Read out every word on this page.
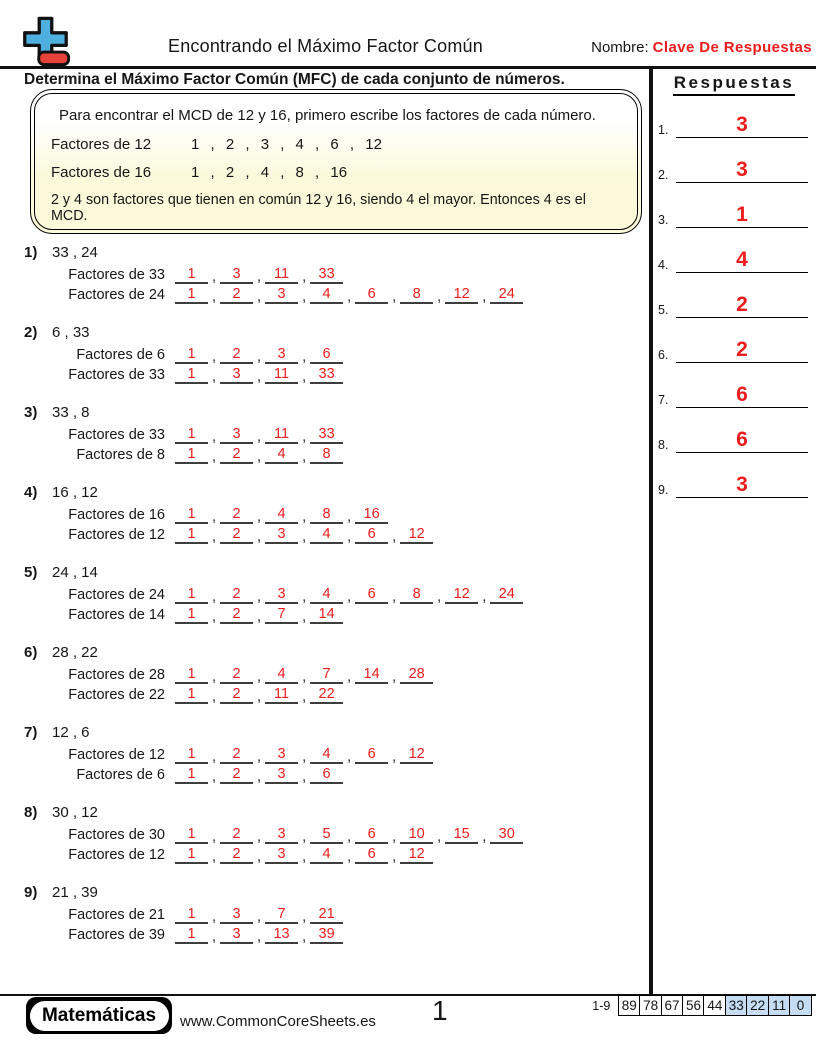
Encontrando el Máximo Factor Común	Nombre: Clave De Respuestas
Determina el Máximo Factor Común (MFC) de cada conjunto de números.
Para encontrar el MCD de 12 y 16, primero escribe los factores de cada número.
Factores de 12	1 , 2 , 3 , 4 , 6 , 12
Factores de 16	1 , 2 , 4 , 8 , 16
2 y 4 son factores que tienen en común 12 y 16, siendo 4 el mayor. Entonces 4 es el MCD.
1) 33 , 24
Factores de 33	1	,	3	, 11 , 33
Factores de 24	1	,	2	,	3	,	4	,	6	,	8	, 12 , 24
2) 6 , 33
Factores de 6	1	,	2	,	3	,	6
Factores de 33	1	,	3	, 11 , 33
3) 33 , 8
Factores de 33	1	,	3	, 11 , 33
Factores de 8	1	,	2	,	4	,	8
4) 16 , 12
Factores de 16	1	,	2	,	4	,	8	, 16
Factores de 12	1	,	2	,	3	,	4	,	6	, 12
5) 24 , 14
Factores de 24	1	,	2	,	3	,	4	,	6	,	8	, 12 , 24
Factores de 14	1	,	2	,	7	, 14
6) 28 , 22
Factores de 28	1	,	2	,	4	,	7	, 14 , 28
Factores de 22	1	,	2	, 11 , 22
7) 12 , 6
Factores de 12	1	,	2	,	3	,	4	,	6	, 12
Factores de 6	1	,	2	,	3	,	6
8) 30 , 12
Factores de 30	1	,	2	,	3	,	5	,	6	, 10 , 15 , 30
Factores de 12	1	,	2	,	3	,	4	,	6	, 12
9) 21 , 39
Factores de 21	1	,	3	,	7	, 21
Factores de 39	1	,	3	, 13 , 39
Respuestas
1.	3
2.	3
3.	1
4.	4
5.	2
6.	2
7.	6
8.	6
9.	3
Matemáticas	www.CommonCoreSheets.es 1	1-9 89 78 67 56 44 33 22 11 0
